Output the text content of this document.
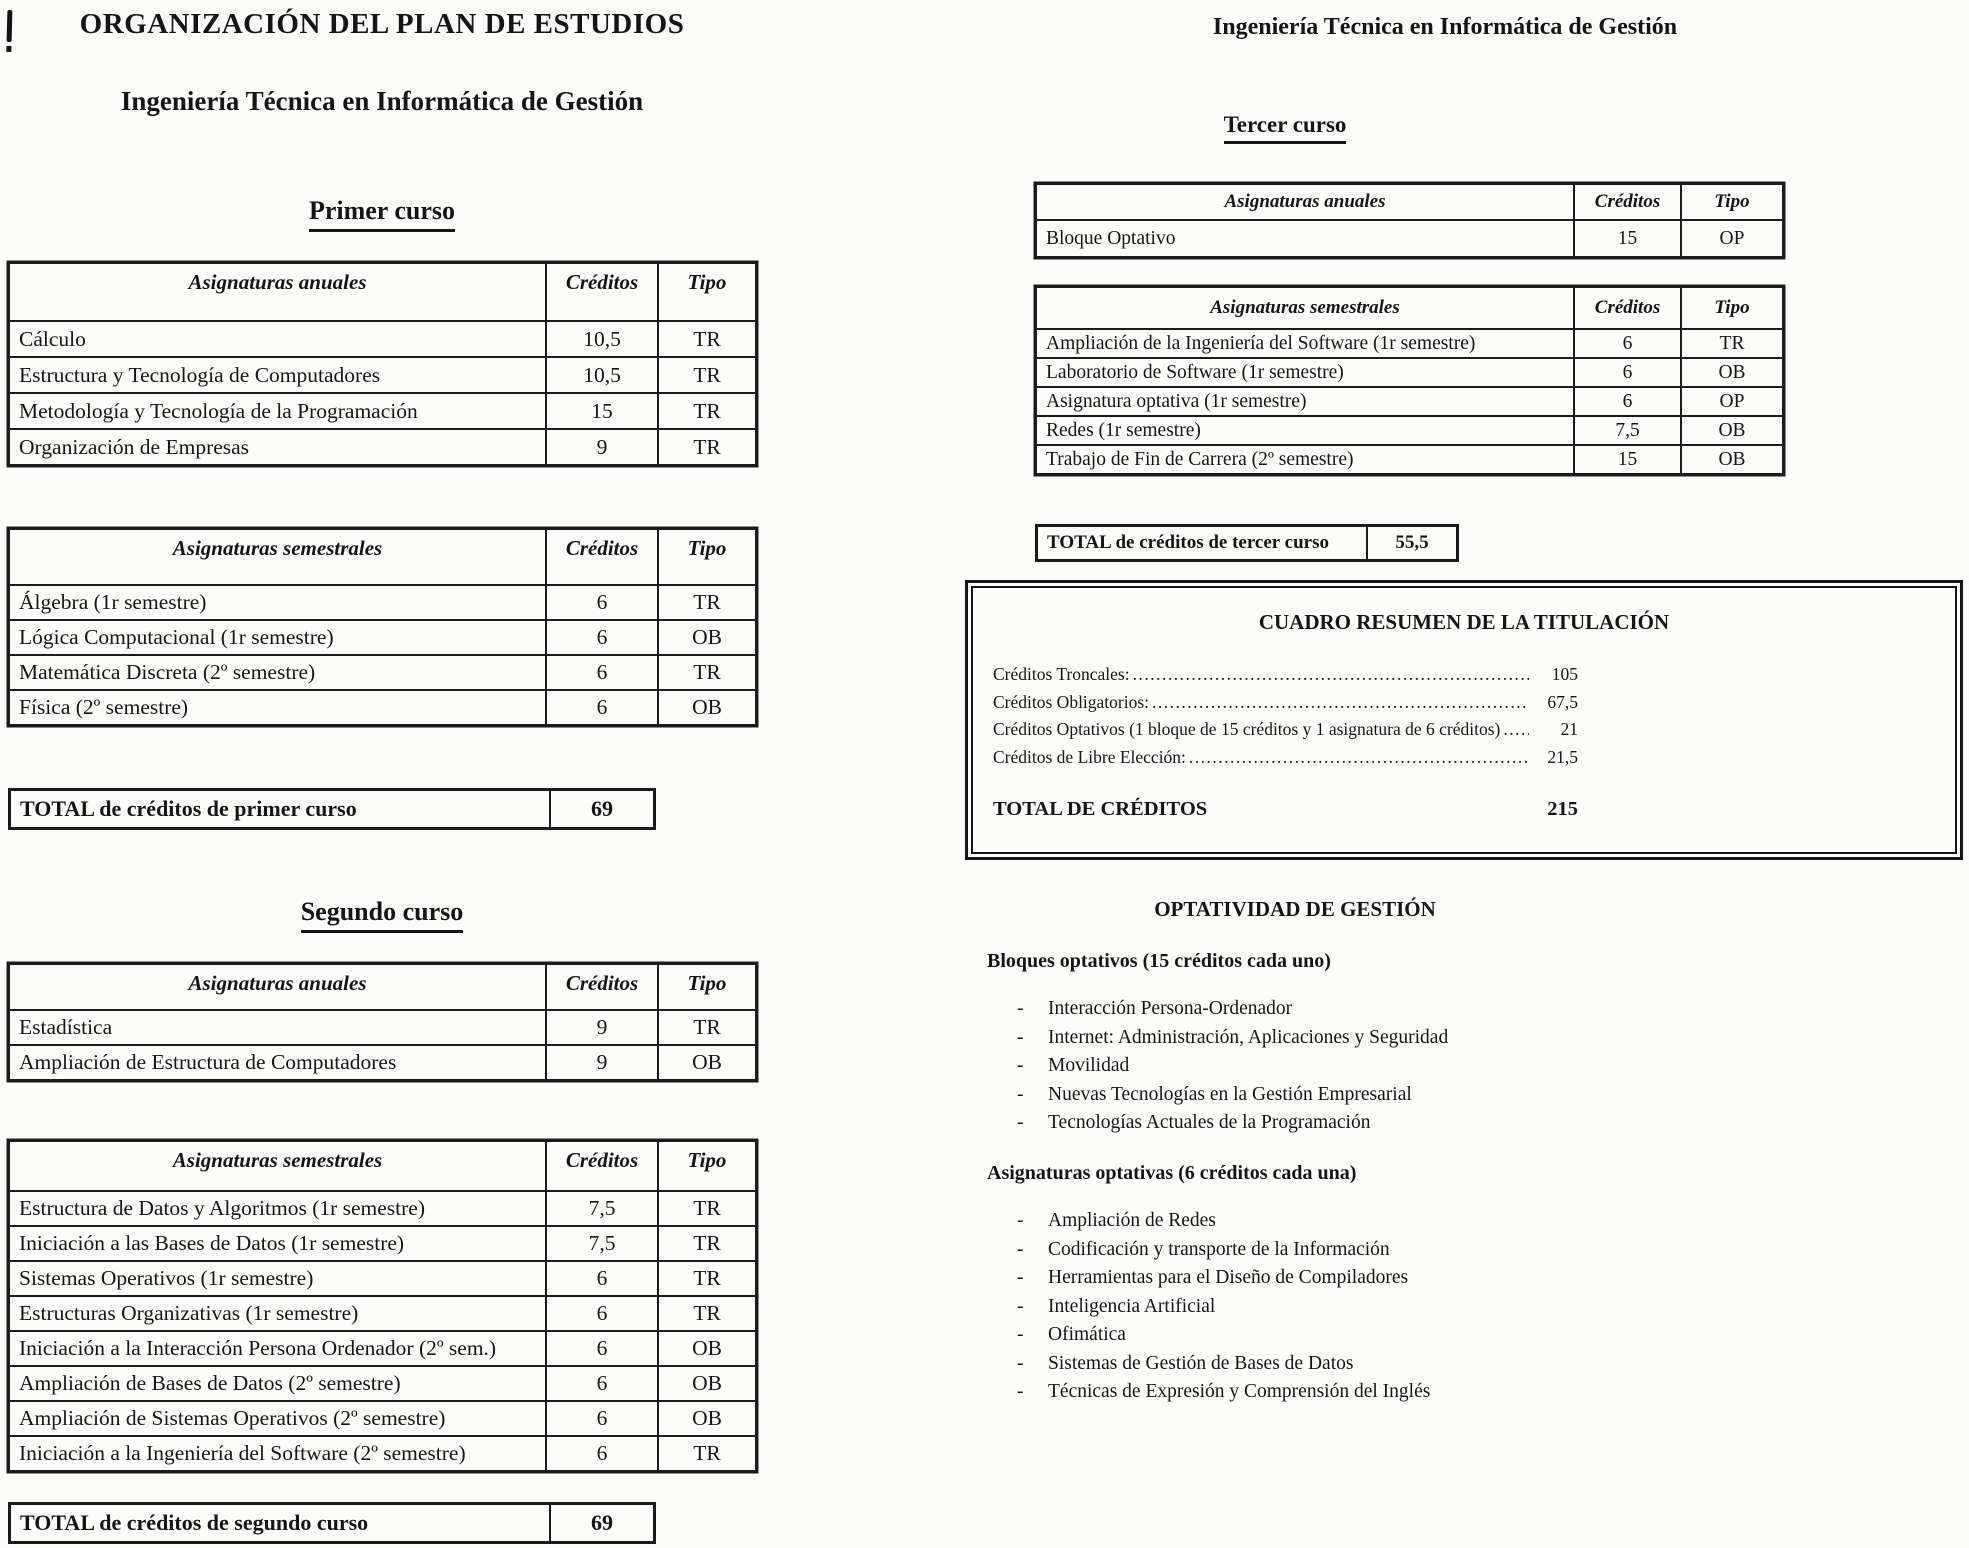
ORGANIZACIÓN DEL PLAN DE ESTUDIOS
Ingeniería Técnica en Informática de Gestión
Primer curso
Asignaturas anuales	Créditos	Tipo
Cálculo	10,5	TR
Estructura y Tecnología de Computadores	10,5	TR
Metodología y Tecnología de la Programación	15	TR
Organización de Empresas	9	TR
Asignaturas semestrales	Créditos	Tipo
Álgebra (1r semestre)	6	TR
Lógica Computacional (1r semestre)	6	OB
Matemática Discreta (2º semestre)	6	TR
Física (2º semestre)	6	OB
TOTAL de créditos de primer curso	69
Segundo curso
Asignaturas anuales	Créditos	Tipo
Estadística	9	TR
Ampliación de Estructura de Computadores	9	OB
Asignaturas semestrales	Créditos	Tipo
Estructura de Datos y Algoritmos (1r semestre)	7,5	TR
Iniciación a las Bases de Datos (1r semestre)	7,5	TR
Sistemas Operativos (1r semestre)	6	TR
Estructuras Organizativas (1r semestre)	6	TR
Iniciación a la Interacción Persona Ordenador (2º sem.)	6	OB
Ampliación de Bases de Datos (2º semestre)	6	OB
Ampliación de Sistemas Operativos (2º semestre)	6	OB
Iniciación a la Ingeniería del Software (2º semestre)	6	TR
TOTAL de créditos de segundo curso	69
Ingeniería Técnica en Informática de Gestión
Tercer curso
Asignaturas anuales	Créditos	Tipo
Bloque Optativo	15	OP
Asignaturas semestrales	Créditos	Tipo
Ampliación de la Ingeniería del Software (1r semestre)	6	TR
Laboratorio de Software (1r semestre)	6	OB
Asignatura optativa (1r semestre)	6	OP
Redes (1r semestre)	7,5	OB
Trabajo de Fin de Carrera (2º semestre)	15	OB
TOTAL de créditos de tercer curso	55,5
CUADRO RESUMEN DE LA TITULACIÓN
Créditos Troncales: .....	105
Créditos Obligatorios: .....	67,5
Créditos Optativos (1 bloque de 15 créditos y 1 asignatura de 6 créditos) .....	21
Créditos de Libre Elección: .....	21,5
TOTAL DE CRÉDITOS	215
OPTATIVIDAD DE GESTIÓN
Bloques optativos (15 créditos cada uno)
-	Interacción Persona-Ordenador
-	Internet: Administración, Aplicaciones y Seguridad
-	Movilidad
-	Nuevas Tecnologías en la Gestión Empresarial
-	Tecnologías Actuales de la Programación
Asignaturas optativas (6 créditos cada una)
-	Ampliación de Redes
-	Codificación y transporte de la Información
-	Herramientas para el Diseño de Compiladores
-	Inteligencia Artificial
-	Ofimática
-	Sistemas de Gestión de Bases de Datos
-	Técnicas de Expresión y Comprensión del Inglés
